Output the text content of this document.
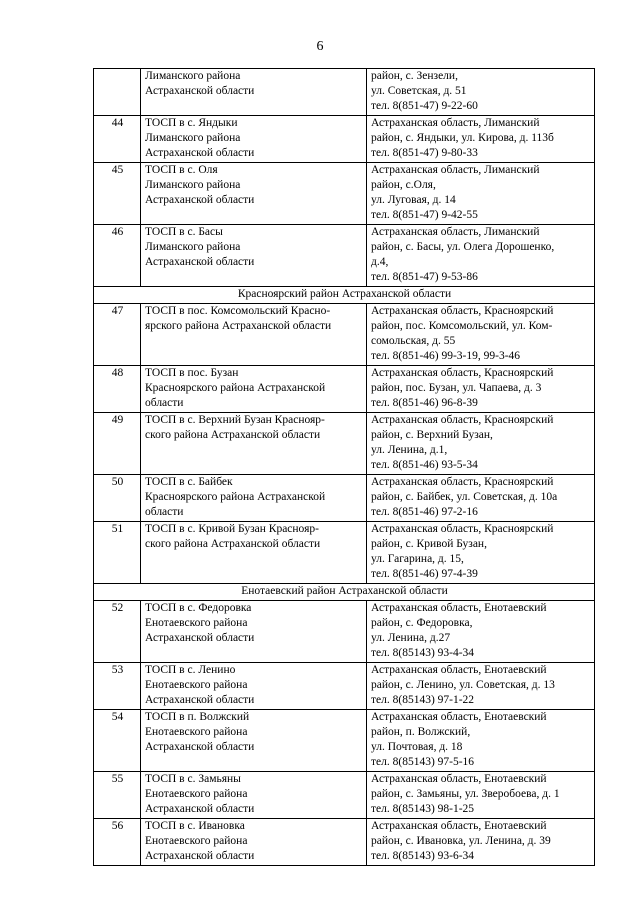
6

	Лиманского района
Астраханской области	район, с. Зензели,
ул. Советская, д. 51
тел. 8(851-47) 9-22-60

44	ТОСП в с. Яндыки
Лиманского района
Астраханской области	Астраханская область, Лиманский
район, с. Яндыки, ул. Кирова, д. 113б
тел. 8(851-47) 9-80-33

45	ТОСП в с. Оля
Лиманского района
Астраханской области	Астраханская область, Лиманский
район, с.Оля,
ул. Луговая, д. 14
тел. 8(851-47) 9-42-55

46	ТОСП в с. Басы
Лиманского района
Астраханской области	Астраханская область, Лиманский
район, с. Басы, ул. Олега Дорошенко,
д.4,
тел. 8(851-47) 9-53-86

Красноярский район Астраханской области		
47	ТОСП в пос. Комсомольский Красно-
ярского района Астраханской области	Астраханская область, Красноярский
район, пос. Комсомольский, ул. Ком-
сомольская, д. 55
тел. 8(851-46) 99-3-19, 99-3-46

48	ТОСП в пос. Бузан
Красноярского района Астраханской
области	Астраханская область, Красноярский
район, пос. Бузан, ул. Чапаева, д. 3
тел. 8(851-46) 96-8-39

49	ТОСП в с. Верхний Бузан Краснояр-
ского района Астраханской области	Астраханская область, Красноярский
район, с. Верхний Бузан,
ул. Ленина, д.1,
тел. 8(851-46) 93-5-34

50	ТОСП в с. Байбек
Красноярского района Астраханской
области	Астраханская область, Красноярский
район, с. Байбек, ул. Советская, д. 10а
тел. 8(851-46) 97-2-16

51	ТОСП в с. Кривой Бузан Краснояр-
ского района Астраханской области	Астраханская область, Красноярский
район, с. Кривой Бузан,
ул. Гагарина, д. 15,
тел. 8(851-46) 97-4-39

Енотаевский район Астраханской области		
52	ТОСП в с. Федоровка
Енотаевского района
Астраханской области	Астраханская область, Енотаевский
район, с. Федоровка,
ул. Ленина, д.27
тел. 8(85143) 93-4-34

53	ТОСП в с. Ленино
Енотаевского района
Астраханской области	Астраханская область, Енотаевский
район, с. Ленино, ул. Советская, д. 13
тел. 8(85143) 97-1-22

54	ТОСП в п. Волжский
Енотаевского района
Астраханской области	Астраханская область, Енотаевский
район, п. Волжский,
ул. Почтовая, д. 18
тел. 8(85143) 97-5-16

55	ТОСП в с. Замьяны
Енотаевского района
Астраханской области	Астраханская область, Енотаевский
район, с. Замьяны, ул. Зверобоева, д. 1
тел. 8(85143) 98-1-25

56	ТОСП в с. Ивановка
Енотаевского района
Астраханской области	Астраханская область, Енотаевский
район, с. Ивановка, ул. Ленина, д. 39
тел. 8(85143) 93-6-34
